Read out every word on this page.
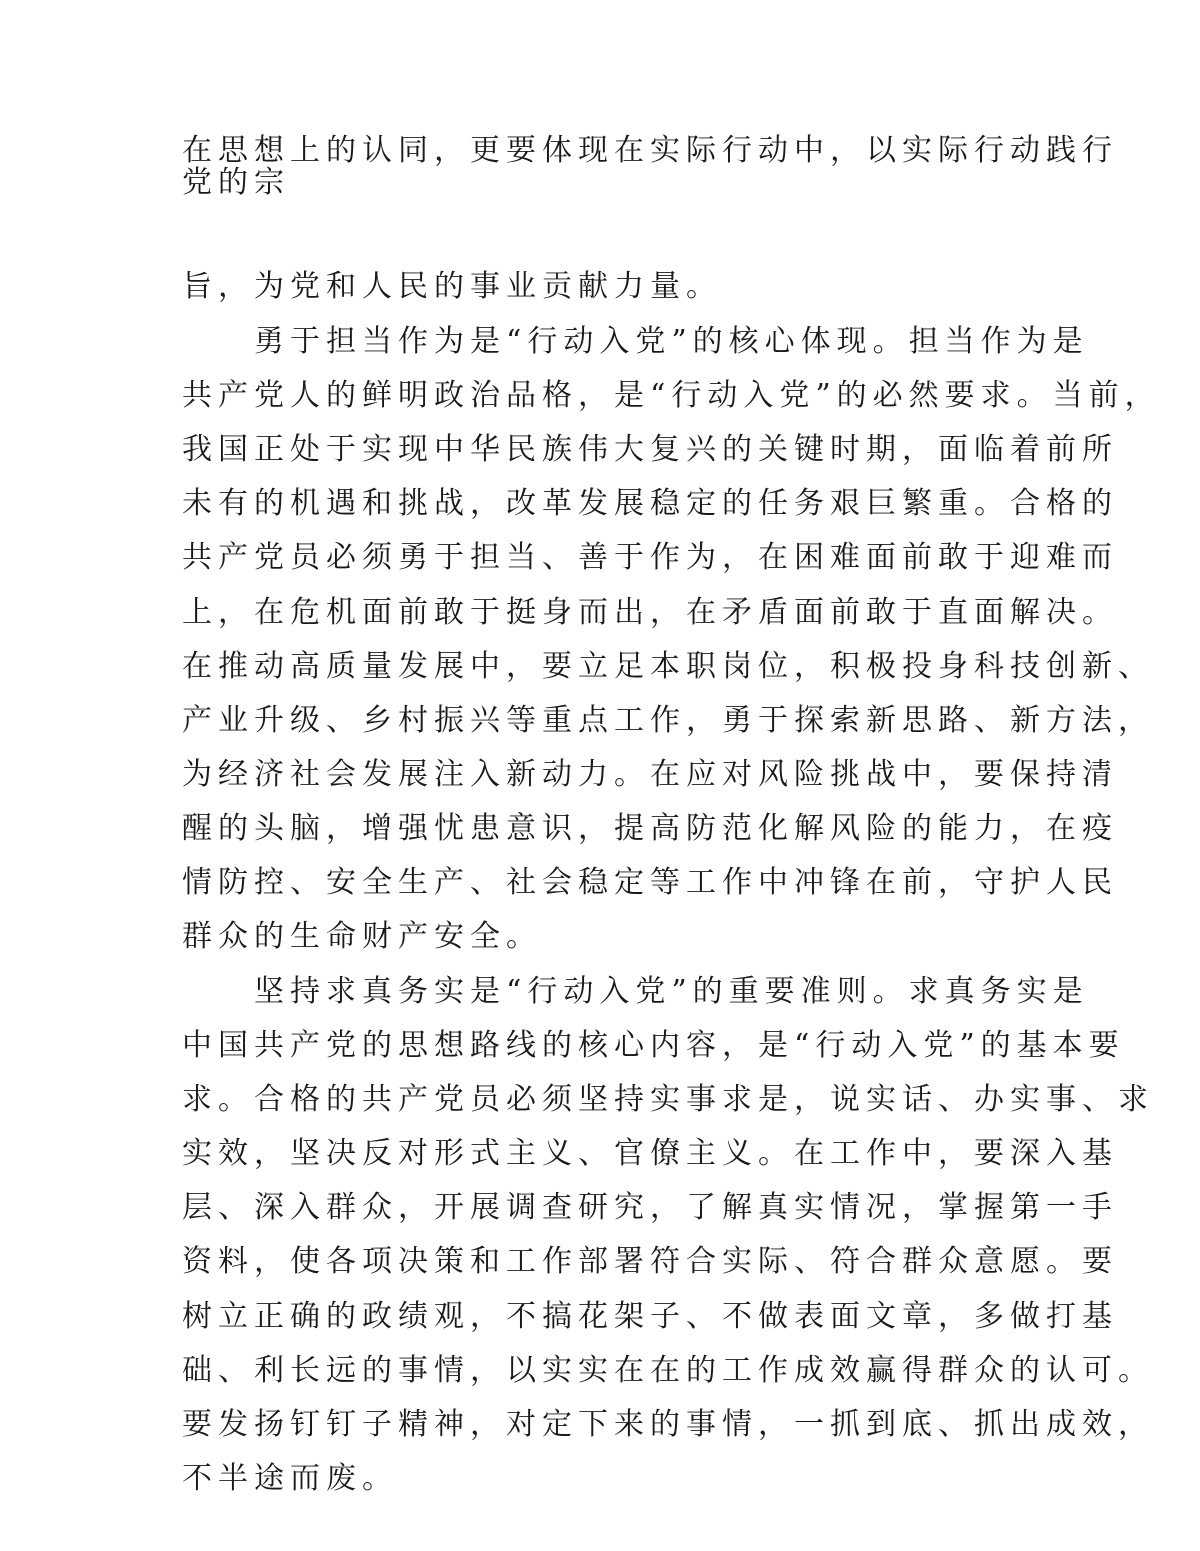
在思想上的认同，更要体现在实际行动中，以实际行动践行
党的宗
旨，为党和人民的事业贡献力量。
　　勇于担当作为是“行动入党”的核心体现。担当作为是
共产党人的鲜明政治品格，是“行动入党”的必然要求。当前，
我国正处于实现中华民族伟大复兴的关键时期，面临着前所
未有的机遇和挑战，改革发展稳定的任务艰巨繁重。合格的
共产党员必须勇于担当、善于作为，在困难面前敢于迎难而
上，在危机面前敢于挺身而出，在矛盾面前敢于直面解决。
在推动高质量发展中，要立足本职岗位，积极投身科技创新、
产业升级、乡村振兴等重点工作，勇于探索新思路、新方法，
为经济社会发展注入新动力。在应对风险挑战中，要保持清
醒的头脑，增强忧患意识，提高防范化解风险的能力，在疫
情防控、安全生产、社会稳定等工作中冲锋在前，守护人民
群众的生命财产安全。
　　坚持求真务实是“行动入党”的重要准则。求真务实是
中国共产党的思想路线的核心内容，是“行动入党”的基本要
求。合格的共产党员必须坚持实事求是，说实话、办实事、求
实效，坚决反对形式主义、官僚主义。在工作中，要深入基
层、深入群众，开展调查研究，了解真实情况，掌握第一手
资料，使各项决策和工作部署符合实际、符合群众意愿。要
树立正确的政绩观，不搞花架子、不做表面文章，多做打基
础、利长远的事情，以实实在在的工作成效赢得群众的认可。
要发扬钉钉子精神，对定下来的事情，一抓到底、抓出成效，
不半途而废。
